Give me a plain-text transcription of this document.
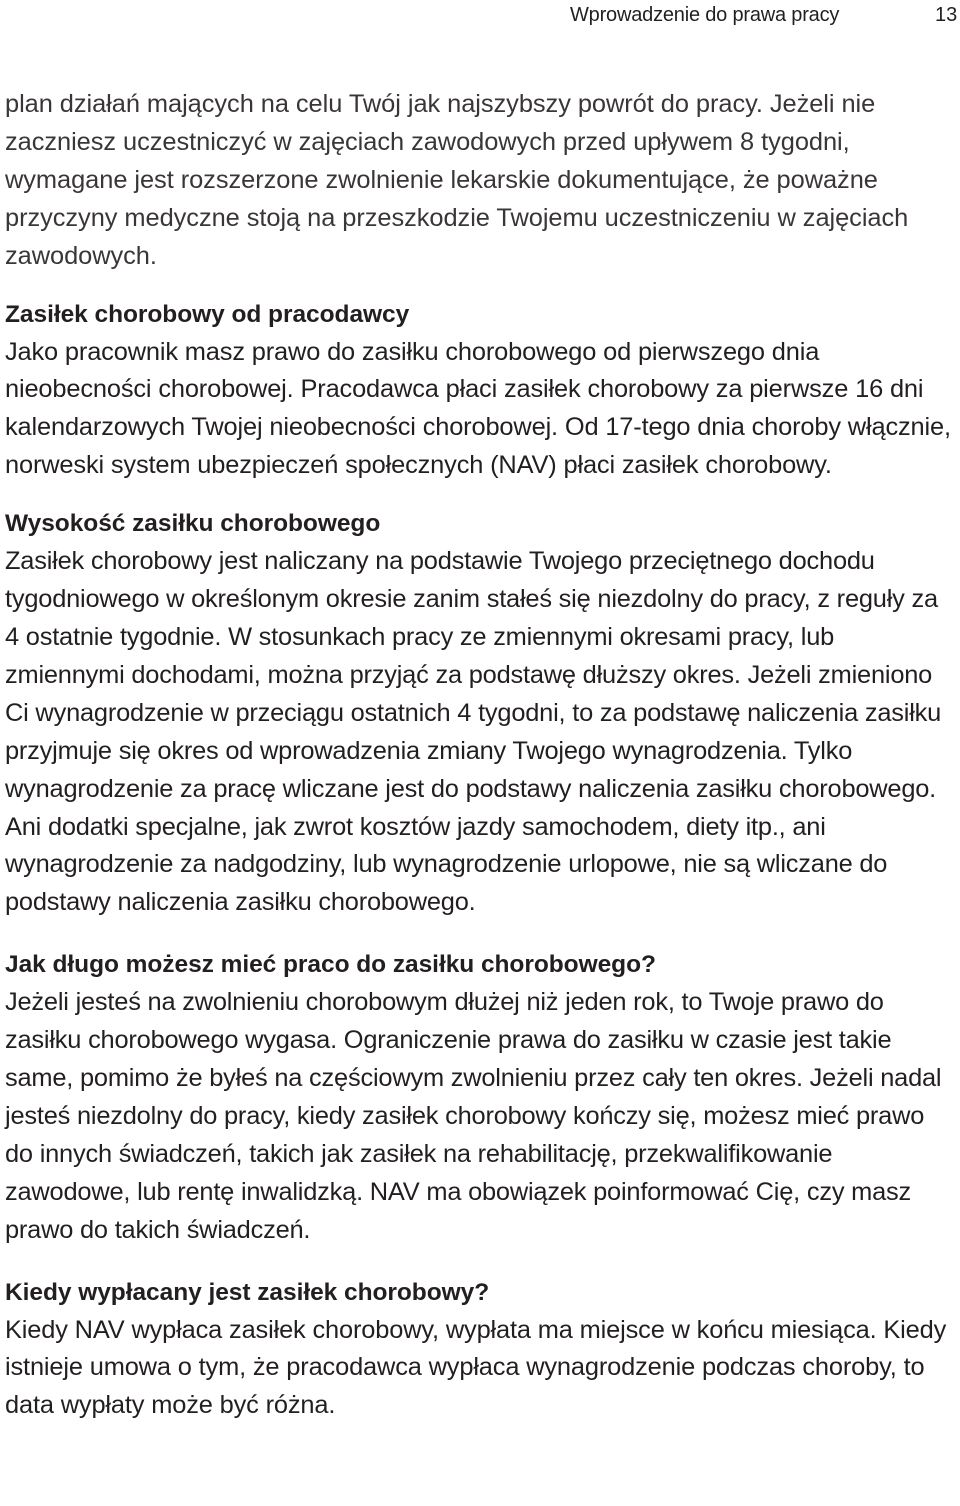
Wprowadzenie do prawa pracy	13

plan działań mających na celu Twój jak najszybszy powrót do pracy. Jeżeli nie zaczniesz uczestniczyć w zajęciach zawodowych przed upływem 8 tygodni, wymagane jest rozszerzone zwolnienie lekarskie dokumentujące, że poważne przyczyny medyczne stoją na przeszkodzie Twojemu uczestniczeniu w zajęciach zawodowych.

Zasiłek chorobowy od pracodawcy

Jako pracownik masz prawo do zasiłku chorobowego od pierwszego dnia nieobecności chorobowej. Pracodawca płaci zasiłek chorobowy za pierwsze 16 dni kalendarzowych Twojej nieobecności chorobowej. Od 17-tego dnia choroby włącznie, norweski system ubezpieczeń społecznych (NAV) płaci zasiłek chorobowy.

Wysokość zasiłku chorobowego

Zasiłek chorobowy jest naliczany na podstawie Twojego przeciętnego dochodu tygodniowego w określonym okresie zanim stałeś się niezdolny do pracy, z reguły za 4 ostatnie tygodnie. W stosunkach pracy ze zmiennymi okresami pracy, lub zmiennymi dochodami, można przyjąć za podstawę dłuższy okres. Jeżeli zmieniono Ci wynagrodzenie w przeciągu ostatnich 4 tygodni, to za podstawę naliczenia zasiłku przyjmuje się okres od wprowadzenia zmiany Twojego wynagrodzenia. Tylko wynagrodzenie za pracę wliczane jest do podstawy naliczenia zasiłku chorobowego. Ani dodatki specjalne, jak zwrot kosztów jazdy samochodem, diety itp., ani wynagrodzenie za nadgodziny, lub wynagrodzenie urlopowe, nie są wliczane do podstawy naliczenia zasiłku chorobowego.

Jak długo możesz mieć praco do zasiłku chorobowego?

Jeżeli jesteś na zwolnieniu chorobowym dłużej niż jeden rok, to Twoje prawo do zasiłku chorobowego wygasa. Ograniczenie prawa do zasiłku w czasie jest takie same, pomimo że byłeś na częściowym zwolnieniu przez cały ten okres. Jeżeli nadal jesteś niezdolny do pracy, kiedy zasiłek chorobowy kończy się, możesz mieć prawo do innych świadczeń, takich jak zasiłek na rehabilitację, przekwalifikowanie zawodowe, lub rentę inwalidzką. NAV ma obowiązek poinformować Cię, czy masz prawo do takich świadczeń.

Kiedy wypłacany jest zasiłek chorobowy?

Kiedy NAV wypłaca zasiłek chorobowy, wypłata ma miejsce w końcu miesiąca. Kiedy istnieje umowa o tym, że pracodawca wypłaca wynagrodzenie podczas choroby, to data wypłaty może być różna.
